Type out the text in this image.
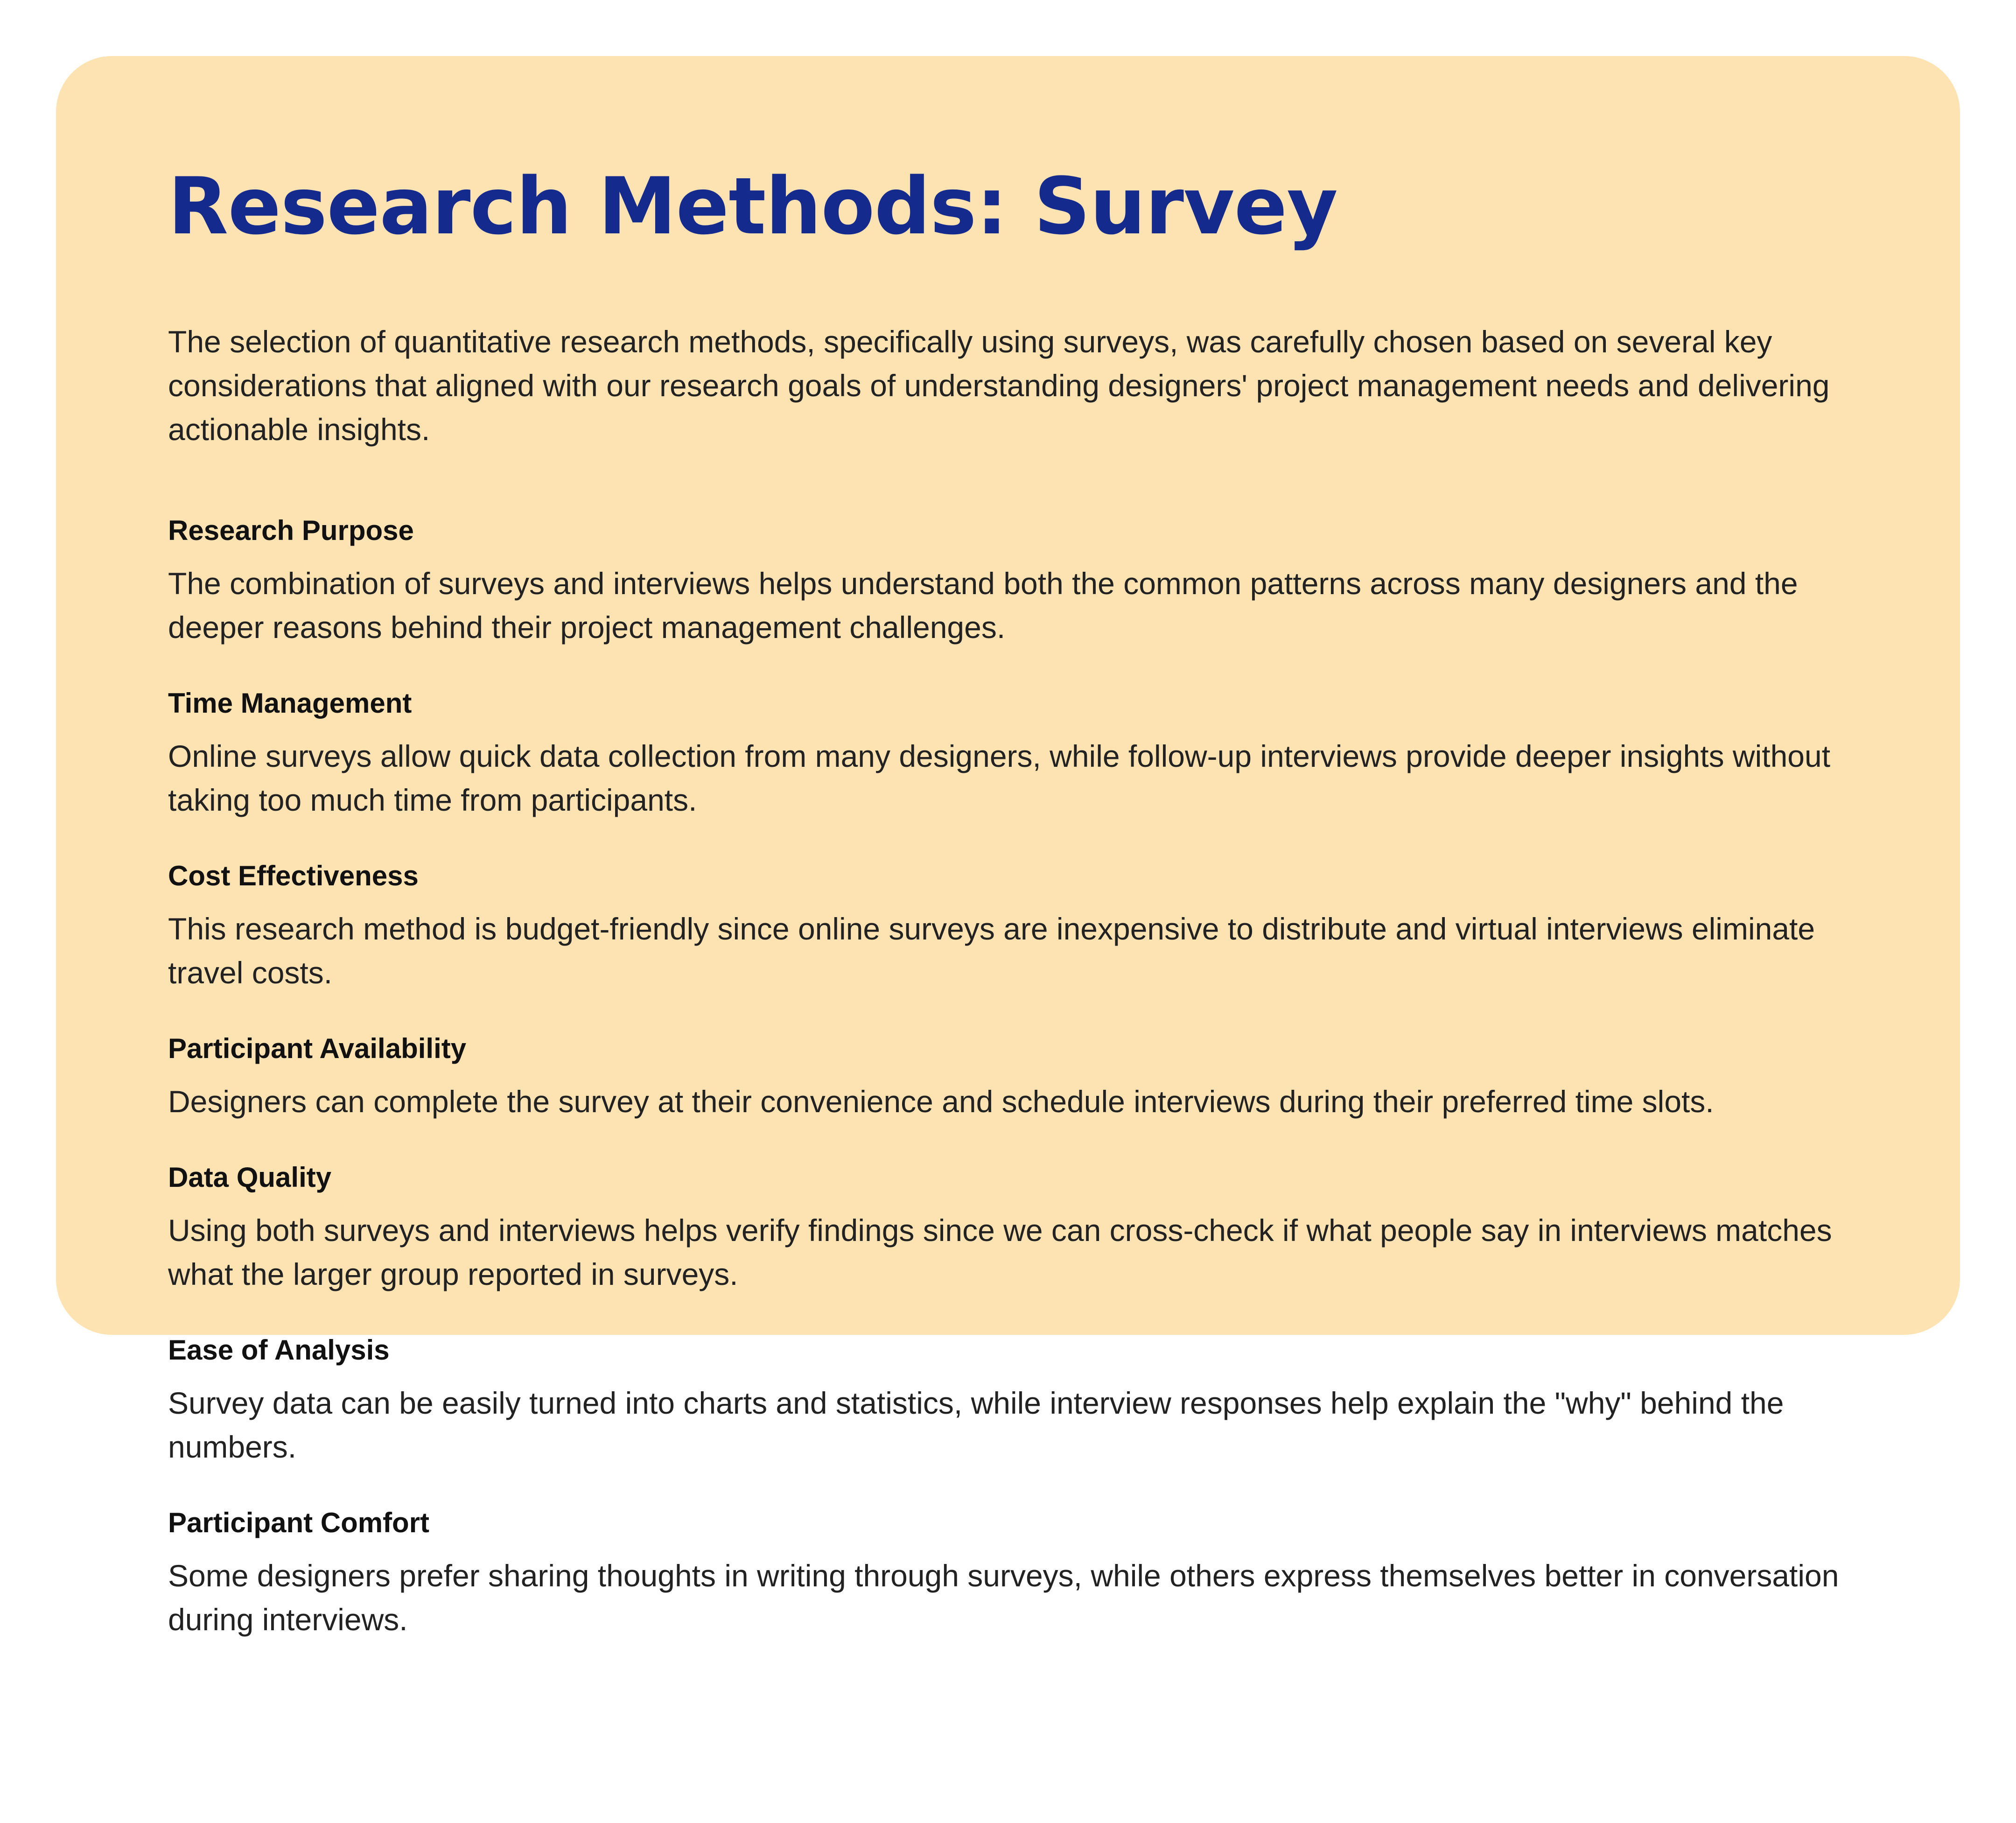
Research Methods: Survey

The selection of quantitative research methods, specifically using surveys, was carefully chosen based on several key considerations that aligned with our research goals of understanding designers' project management needs and delivering actionable insights.

Research Purpose

The combination of surveys and interviews helps understand both the common patterns across many designers and the deeper reasons behind their project management challenges.

Time Management

Online surveys allow quick data collection from many designers, while follow-up interviews provide deeper insights without taking too much time from participants.

Cost Effectiveness

This research method is budget-friendly since online surveys are inexpensive to distribute and virtual interviews eliminate travel costs.

Participant Availability

Designers can complete the survey at their convenience and schedule interviews during their preferred time slots.

Data Quality

Using both surveys and interviews helps verify findings since we can cross-check if what people say in interviews matches what the larger group reported in surveys.

Ease of Analysis

Survey data can be easily turned into charts and statistics, while interview responses help explain the "why" behind the numbers.

Participant Comfort

Some designers prefer sharing thoughts in writing through surveys, while others express themselves better in conversation during interviews.
